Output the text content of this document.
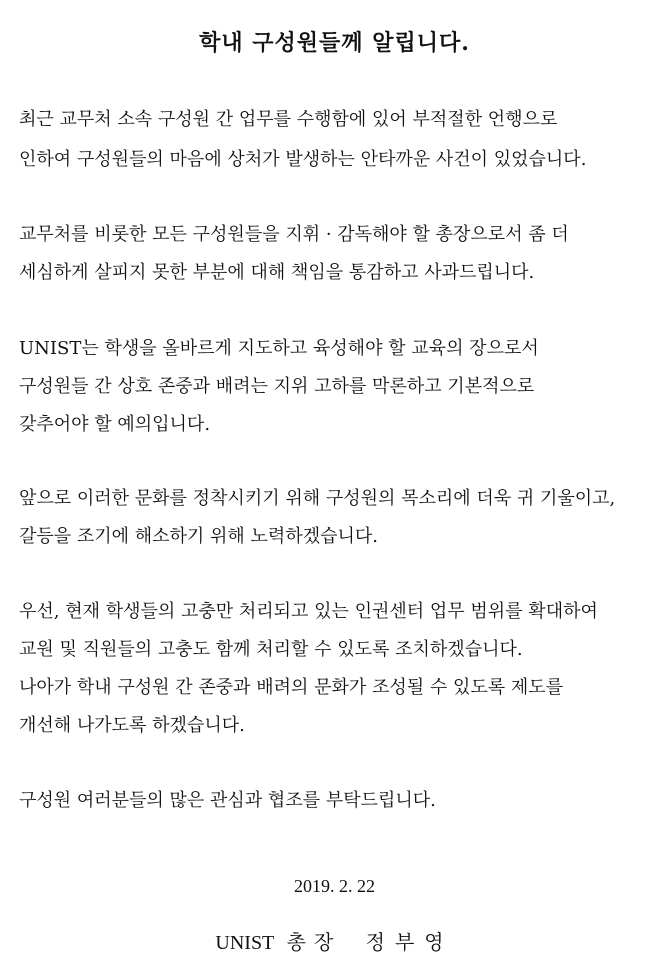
학내 구성원들께 알립니다.
최근 교무처 소속 구성원 간 업무를 수행함에 있어 부적절한 언행으로
인하여 구성원들의 마음에 상처가 발생하는 안타까운 사건이 있었습니다.
교무처를 비롯한 모든 구성원들을 지휘 · 감독해야 할 총장으로서 좀 더
세심하게 살피지 못한 부분에 대해 책임을 통감하고 사과드립니다.
UNIST는 학생을 올바르게 지도하고 육성해야 할 교육의 장으로서
구성원들 간 상호 존중과 배려는 지위 고하를 막론하고 기본적으로
갖추어야 할 예의입니다.
앞으로 이러한 문화를 정착시키기 위해 구성원의 목소리에 더욱 귀 기울이고,
갈등을 조기에 해소하기 위해 노력하겠습니다.
우선, 현재 학생들의 고충만 처리되고 있는 인권센터 업무 범위를 확대하여
교원 및 직원들의 고충도 함께 처리할 수 있도록 조치하겠습니다.
나아가 학내 구성원 간 존중과 배려의 문화가 조성될 수 있도록 제도를
개선해 나가도록 하겠습니다.
구성원 여러분들의 많은 관심과 협조를 부탁드립니다.
2019. 2. 22
UNIST 총장 정부영
